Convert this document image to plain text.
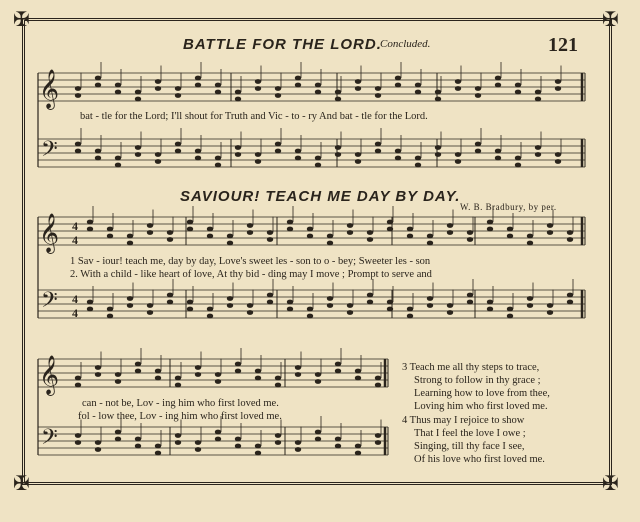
✠	✠
✠	✠
BATTLE FOR THE LORD.
Concluded.	121
bat - tle for the Lord; I'll shout for Truth and Vic - to - ry And bat - tle for the Lord.
SAVIOUR! TEACH ME DAY BY DAY.
W. B. Bradbury, by per.
1 Sav - iour! teach me, day by day, Love's sweet les - son to o - bey; Sweeter les - son
2. With a child - like heart of love, At thy bid - ding may I move ; Prompt to serve and
can - not be, Lov - ing him who first loved me.
fol - low thee, Lov - ing him who first loved me.
3 Teach me all thy steps to trace,
Strong to follow in thy grace ;
Learning how to love from thee,
Loving him who first loved me.
4 Thus may I rejoice to show
That I feel the love I owe ;
Singing, till thy face I see,
Of his love who first loved me.
𝄞
𝄢
𝄞
𝄢
4
4
4
4
𝄞
𝄢
